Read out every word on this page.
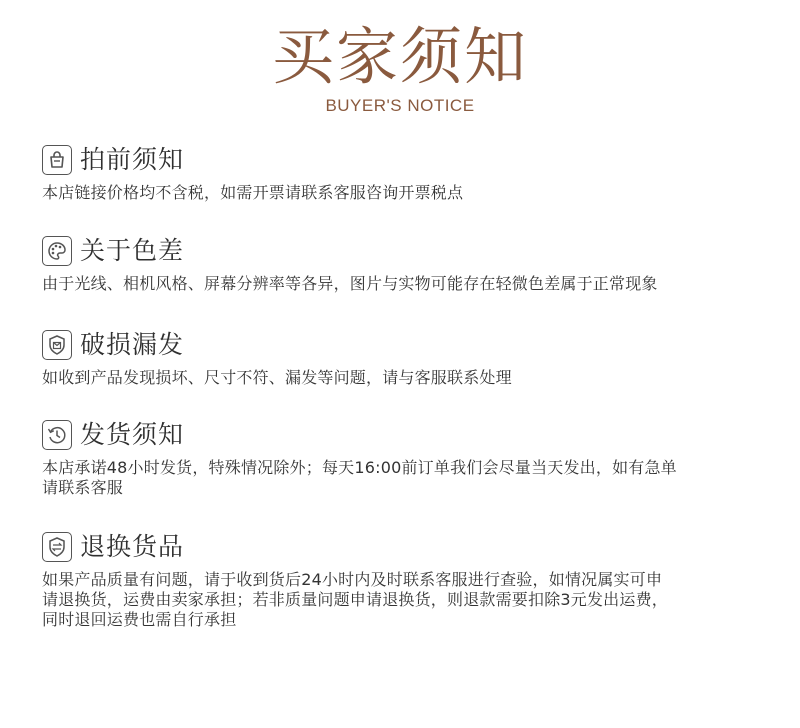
买家须知
BUYER'S NOTICE
拍前须知
本店链接价格均不含税，如需开票请联系客服咨询开票税点
关于色差
由于光线、相机风格、屏幕分辨率等各异，图片与实物可能存在轻微色差属于正常现象
破损漏发
如收到产品发现损坏、尺寸不符、漏发等问题，请与客服联系处理
发货须知
本店承诺48小时发货，特殊情况除外；每天16:00前订单我们会尽量当天发出，如有急单
请联系客服
退换货品
如果产品质量有问题，请于收到货后24小时内及时联系客服进行查验，如情况属实可申
请退换货，运费由卖家承担；若非质量问题申请退换货，则退款需要扣除3元发出运费，
同时退回运费也需自行承担
